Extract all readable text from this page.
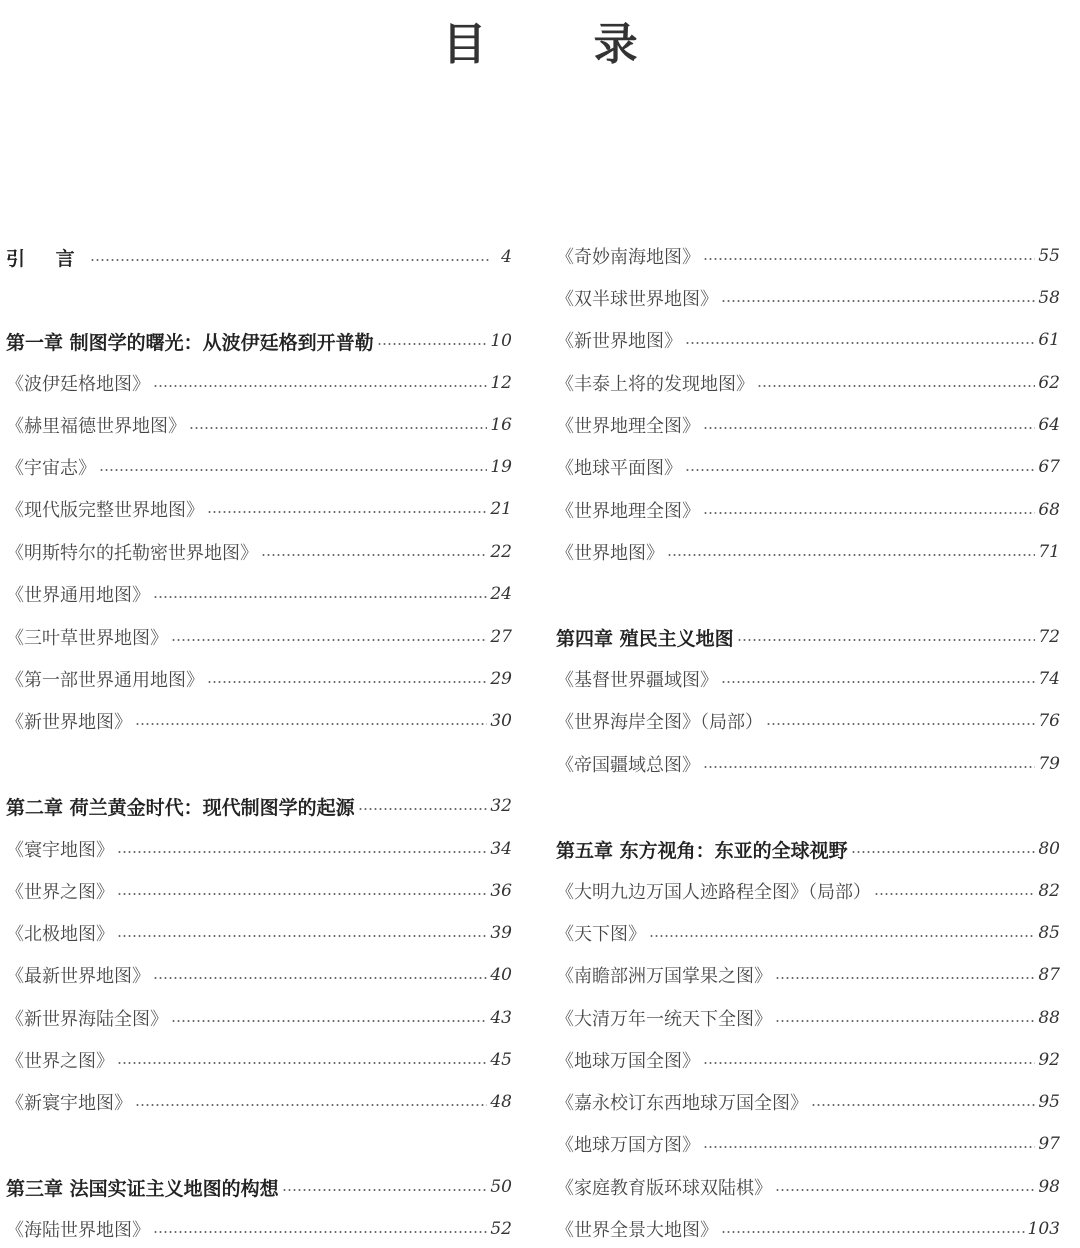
目 录
引 言	4
第一章 制图学的曙光：从波伊廷格到开普勒	10
《波伊廷格地图》	12
《赫里福德世界地图》	16
《宇宙志》	19
《现代版完整世界地图》	21
《明斯特尔的托勒密世界地图》	22
《世界通用地图》	24
《三叶草世界地图》	27
《第一部世界通用地图》	29
《新世界地图》	30
第二章 荷兰黄金时代：现代制图学的起源	32
《寰宇地图》	34
《世界之图》	36
《北极地图》	39
《最新世界地图》	40
《新世界海陆全图》	43
《世界之图》	45
《新寰宇地图》	48
第三章 法国实证主义地图的构想	50
《海陆世界地图》	52
《奇妙南海地图》	55
《双半球世界地图》	58
《新世界地图》	61
《丰泰上将的发现地图》	62
《世界地理全图》	64
《地球平面图》	67
《世界地理全图》	68
《世界地图》	71
第四章 殖民主义地图	72
《基督世界疆域图》	74
《世界海岸全图》（局部）	76
《帝国疆域总图》	79
第五章 东方视角：东亚的全球视野	80
《大明九边万国人迹路程全图》（局部）	82
《天下图》	85
《南瞻部洲万国掌果之图》	87
《大清万年一统天下全图》	88
《地球万国全图》	92
《嘉永校订东西地球万国全图》	95
《地球万国方图》	97
《家庭教育版环球双陆棋》	98
《世界全景大地图》	103
